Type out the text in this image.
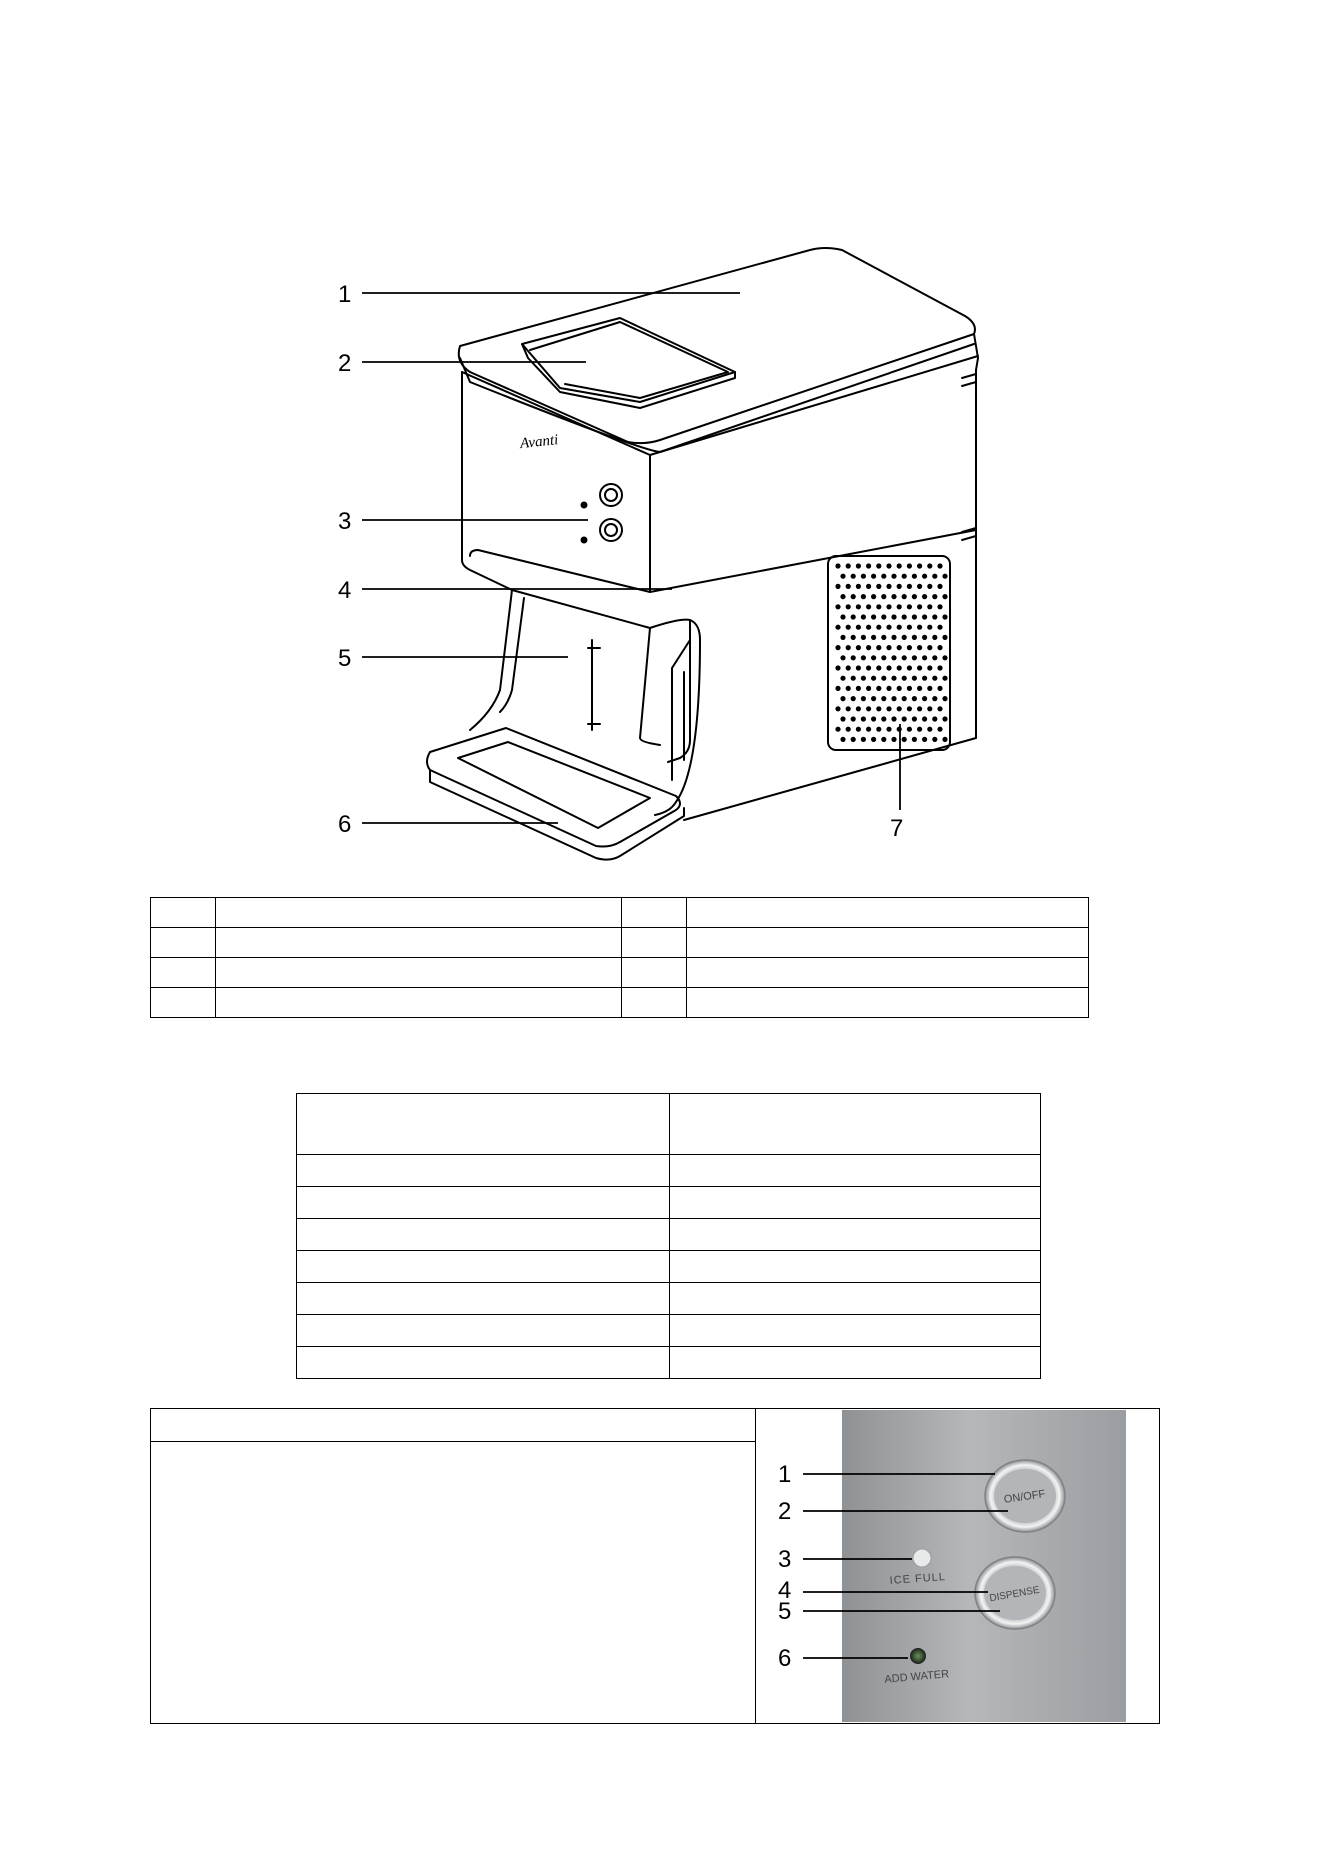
Avanti
1
2
3
4
5
6	7

ON/OFF
ICE FULL
DISPENSE
ADD WATER
1
2
3
4
5
6
